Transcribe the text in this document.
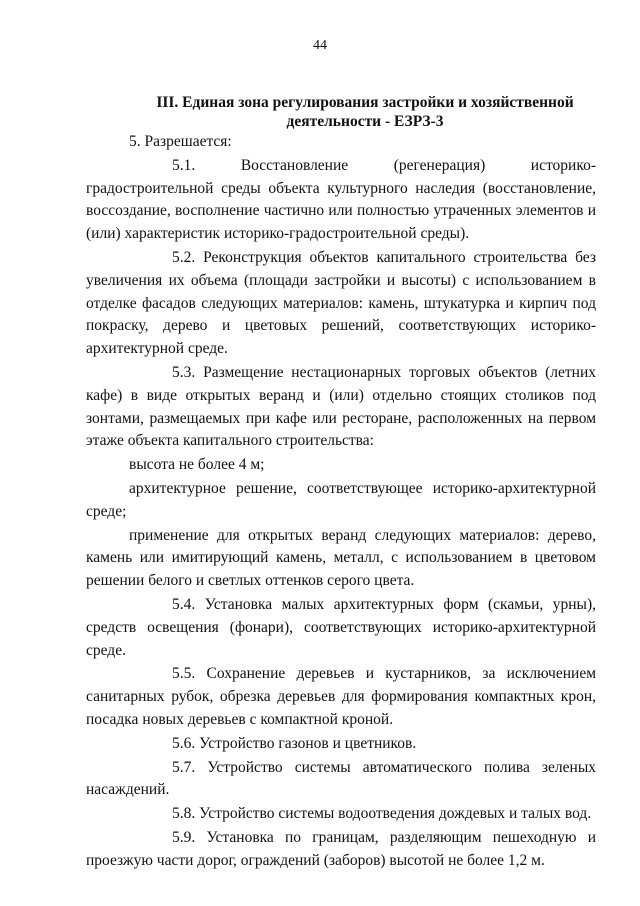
44
III. Единая зона регулирования застройки и хозяйственной
деятельности - ЕЗРЗ-3

5. Разрешается:

5.1.	Восстановление (регенерация) историко-градостроительной среды объекта культурного наследия (восстановление, воссоздание, восполнение частично или полностью утраченных элементов и (или) характеристик историко-градостроительной среды).

5.2. Реконструкция объектов капитального строительства без увеличения их объема (площади застройки и высоты) с использованием в отделке фасадов следующих материалов: камень, штукатурка и кирпич под покраску, дерево и цветовых решений, соответствующих историко-архитектурной среде.

5.3. Размещение нестационарных торговых объектов (летних кафе) в виде открытых веранд и (или) отдельно стоящих столиков под зонтами, размещаемых при кафе или ресторане, расположенных на первом этаже объекта капитального строительства:

высота не более 4 м;

архитектурное решение, соответствующее историко-архитектурной среде;

применение для открытых веранд следующих материалов: дерево, камень или имитирующий камень, металл, с использованием в цветовом решении белого и светлых оттенков серого цвета.

5.4. Установка малых архитектурных форм (скамьи, урны), средств освещения (фонари), соответствующих историко-архитектурной среде.

5.5. Сохранение деревьев и кустарников, за исключением санитарных рубок, обрезка деревьев для формирования компактных крон, посадка новых деревьев с компактной кроной.

5.6. Устройство газонов и цветников.

5.7. Устройство системы автоматического полива зеленых насаждений.

5.8. Устройство системы водоотведения дождевых и талых вод.

5.9. Установка по границам, разделяющим пешеходную и проезжую части дорог, ограждений (заборов) высотой не более 1,2 м.
